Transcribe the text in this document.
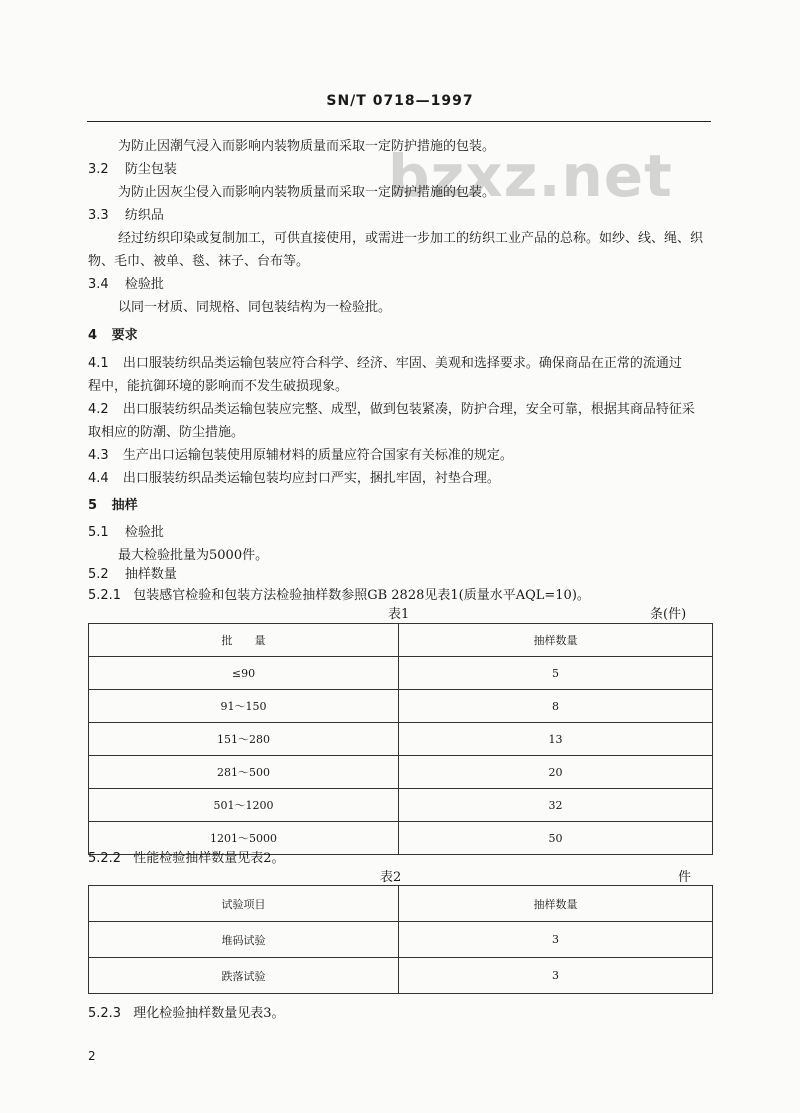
SN/T 0718—1997
bzxz.net
为防止因潮气浸入而影响内装物质量而采取一定防护措施的包装。
3.2 防尘包装
为防止因灰尘侵入而影响内装物质量而采取一定防护措施的包装。
3.3 纺织品
经过纺织印染或复制加工，可供直接使用，或需进一步加工的纺织工业产品的总称。如纱、线、绳、织
物、毛巾、被单、毯、袜子、台布等。
3.4 检验批
以同一材质、同规格、同包装结构为一检验批。
4 要求
4.1 出口服装纺织品类运输包装应符合科学、经济、牢固、美观和选择要求。确保商品在正常的流通过
程中，能抗御环境的影响而不发生破损现象。
4.2 出口服装纺织品类运输包装应完整、成型，做到包装紧凑，防护合理，安全可靠，根据其商品特征采
取相应的防潮、防尘措施。
4.3 生产出口运输包装使用原辅材料的质量应符合国家有关标准的规定。
4.4 出口服装纺织品类运输包装均应封口严实，捆扎牢固，衬垫合理。
5 抽样
5.1 检验批
最大检验批量为5000件。
5.2 抽样数量
5.2.1 包装感官检验和包装方法检验抽样数参照GB 2828见表1(质量水平AQL=10)。
表1	条(件)
批　　量	抽样数量
≤90	5
91～150	8
151～280	13
281～500	20
501～1200	32
1201～5000	50
5.2.2 性能检验抽样数量见表2。
表2	件
试验项目	抽样数量
堆码试验	3
跌落试验	3
5.2.3 理化检验抽样数量见表3。
2
